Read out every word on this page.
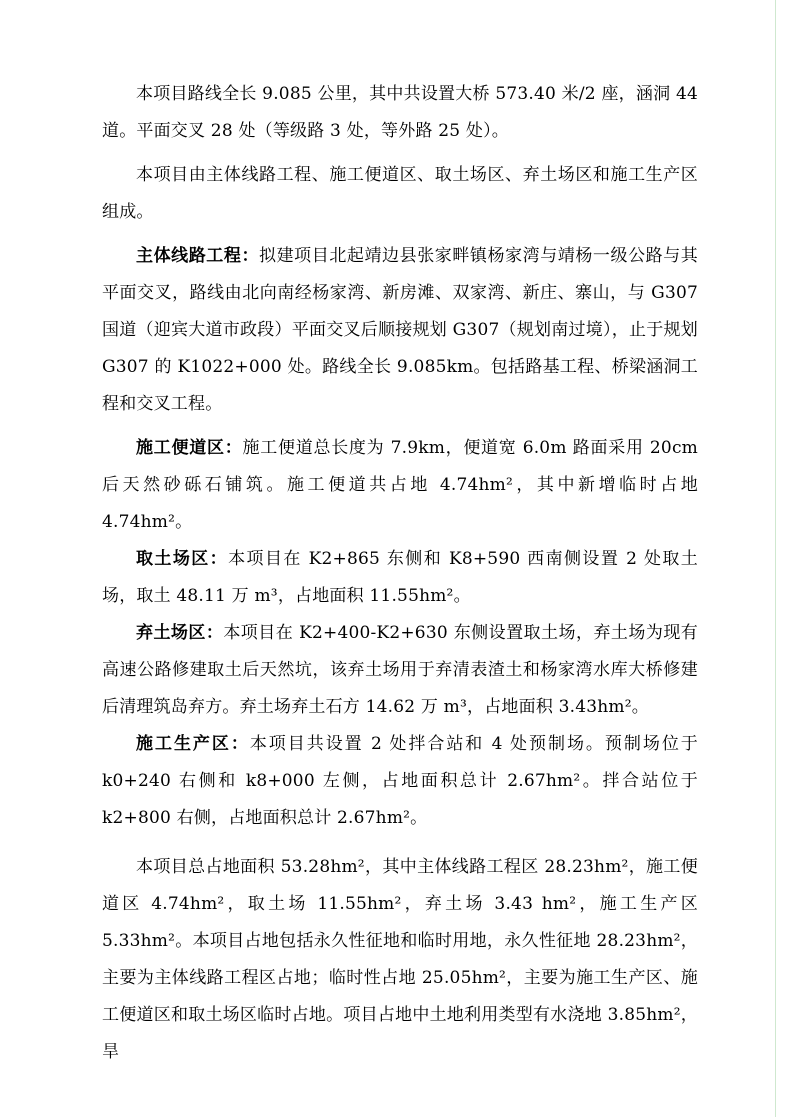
本项目路线全长 9.085 公里，其中共设置大桥 573.40 米/2 座，涵洞 44 道。平面交叉 28 处（等级路 3 处，等外路 25 处）。

本项目由主体线路工程、施工便道区、取土场区、弃土场区和施工生产区组成。

主体线路工程：拟建项目北起靖边县张家畔镇杨家湾与靖杨一级公路与其平面交叉，路线由北向南经杨家湾、新房滩、双家湾、新庄、寨山，与 G307 国道（迎宾大道市政段）平面交叉后顺接规划 G307（规划南过境），止于规划 G307 的 K1022+000 处。路线全长 9.085km。包括路基工程、桥梁涵洞工程和交叉工程。

施工便道区：施工便道总长度为 7.9km，便道宽 6.0m 路面采用 20cm 后天然砂砾石铺筑。施工便道共占地 4.74hm²，其中新增临时占地 4.74hm²。

取土场区：本项目在 K2+865 东侧和 K8+590 西南侧设置 2 处取土场，取土 48.11 万 m³，占地面积 11.55hm²。

弃土场区：本项目在 K2+400-K2+630 东侧设置取土场，弃土场为现有高速公路修建取土后天然坑，该弃土场用于弃清表渣土和杨家湾水库大桥修建后清理筑岛弃方。弃土场弃土石方 14.62 万 m³，占地面积 3.43hm²。

施工生产区：本项目共设置 2 处拌合站和 4 处预制场。预制场位于 k0+240 右侧和 k8+000 左侧，占地面积总计 2.67hm²。拌合站位于 k2+800 右侧，占地面积总计 2.67hm²。

本项目总占地面积 53.28hm²，其中主体线路工程区 28.23hm²，施工便道区 4.74hm²，取土场 11.55hm²，弃土场 3.43 hm²，施工生产区 5.33hm²。本项目占地包括永久性征地和临时用地，永久性征地 28.23hm²，主要为主体线路工程区占地；临时性占地 25.05hm²，主要为施工生产区、施工便道区和取土场区临时占地。项目占地中土地利用类型有水浇地 3.85hm²，旱
